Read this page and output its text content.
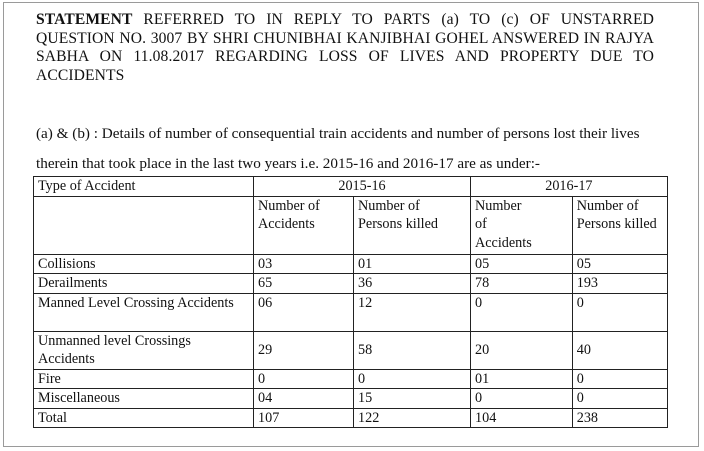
STATEMENT REFERRED TO IN REPLY TO PARTS (a) TO (c) OF UNSTARRED QUESTION NO. 3007 BY SHRI CHUNIBHAI KANJIBHAI GOHEL ANSWERED IN RAJYA SABHA ON 11.08.2017 REGARDING LOSS OF LIVES AND PROPERTY DUE TO ACCIDENTS
(a) & (b) : Details of number of consequential train accidents and number of persons lost their lives therein that took place in the last two years i.e. 2015-16 and 2016-17 are as under:-
Type of Accident	2015-16		2016-17	
	Number of Accidents	Number of Persons killed	Number of Accidents	Number of Persons killed
Collisions	03	01	05	05
Derailments	65	36	78	193
Manned Level Crossing Accidents	06	12	0	0
Unmanned level Crossings Accidents	29	58	20	40
Fire	0	0	01	0
Miscellaneous	04	15	0	0
Total	107	122	104	238
